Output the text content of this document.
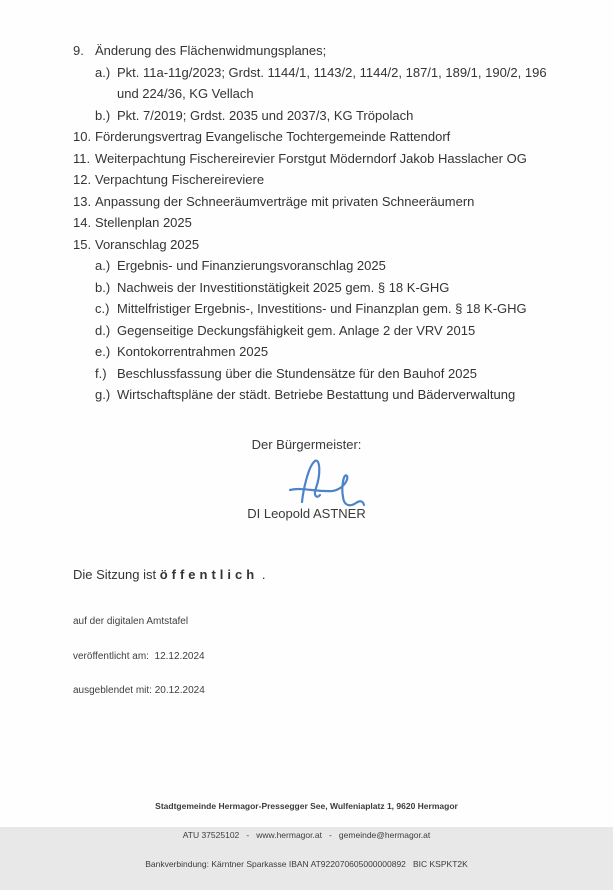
9. Änderung des Flächenwidmungsplanes;
a.) Pkt. 11a-11g/2023; Grdst. 1144/1, 1143/2, 1144/2, 187/1, 189/1, 190/2, 196
und 224/36, KG Vellach
b.) Pkt. 7/2019; Grdst. 2035 und 2037/3, KG Tröpolach
10. Förderungsvertrag Evangelische Tochtergemeinde Rattendorf
11. Weiterpachtung Fischereirevier Forstgut Möderndorf Jakob Hasslacher OG
12. Verpachtung Fischereireviere
13. Anpassung der Schneeräumverträge mit privaten Schneeräumern
14. Stellenplan 2025
15. Voranschlag 2025
a.) Ergebnis- und Finanzierungsvoranschlag 2025
b.) Nachweis der Investitionstätigkeit 2025 gem. § 18 K-GHG
c.) Mittelfristiger Ergebnis-, Investitions- und Finanzplan gem. § 18 K-GHG
d.) Gegenseitige Deckungsfähigkeit gem. Anlage 2 der VRV 2015
e.) Kontokorrentrahmen 2025
f.) Beschlussfassung über die Stundensätze für den Bauhof 2025
g.) Wirtschaftspläne der städt. Betriebe Bestattung und Bäderverwaltung
Der Bürgermeister:
DI Leopold ASTNER
Die Sitzung ist öffentlich .

auf der digitalen Amtstafel

veröffentlicht am:  12.12.2024

ausgeblendet mit: 20.12.2024

Stadtgemeinde Hermagor-Pressegger See, Wulfeniaplatz 1, 9620 Hermagor

ATU 37525102   -   www.hermagor.at   -   gemeinde@hermagor.at

Bankverbindung: Kärntner Sparkasse IBAN AT922070605000000892   BIC KSPKT2K
